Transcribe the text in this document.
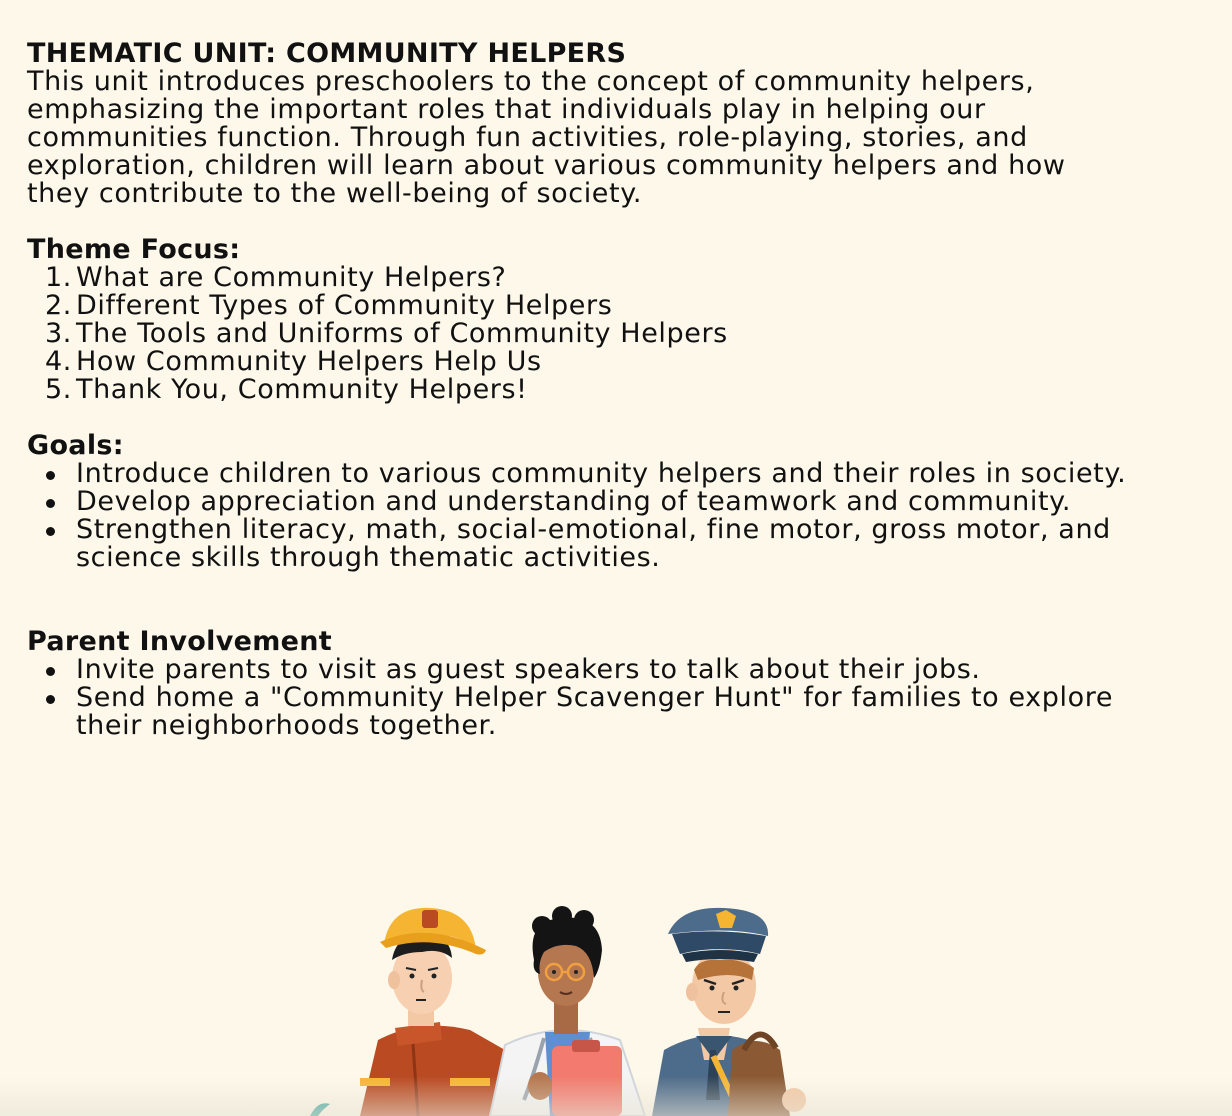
THEMATIC UNIT: COMMUNITY HELPERS

This unit introduces preschoolers to the concept of community helpers, emphasizing the important roles that individuals play in helping our communities function. Through fun activities, role-playing, stories, and exploration, children will learn about various community helpers and how they contribute to the well-being of society.

Theme Focus:
1. What are Community Helpers?
2. Different Types of Community Helpers
3. The Tools and Uniforms of Community Helpers
4. How Community Helpers Help Us
5. Thank You, Community Helpers!
Goals:
Introduce children to various community helpers and their roles in society.
Develop appreciation and understanding of teamwork and community.
Strengthen literacy, math, social-emotional, fine motor, gross motor, and science skills through thematic activities.
Parent Involvement
Invite parents to visit as guest speakers to talk about their jobs.
Send home a "Community Helper Scavenger Hunt" for families to explore their neighborhoods together.
